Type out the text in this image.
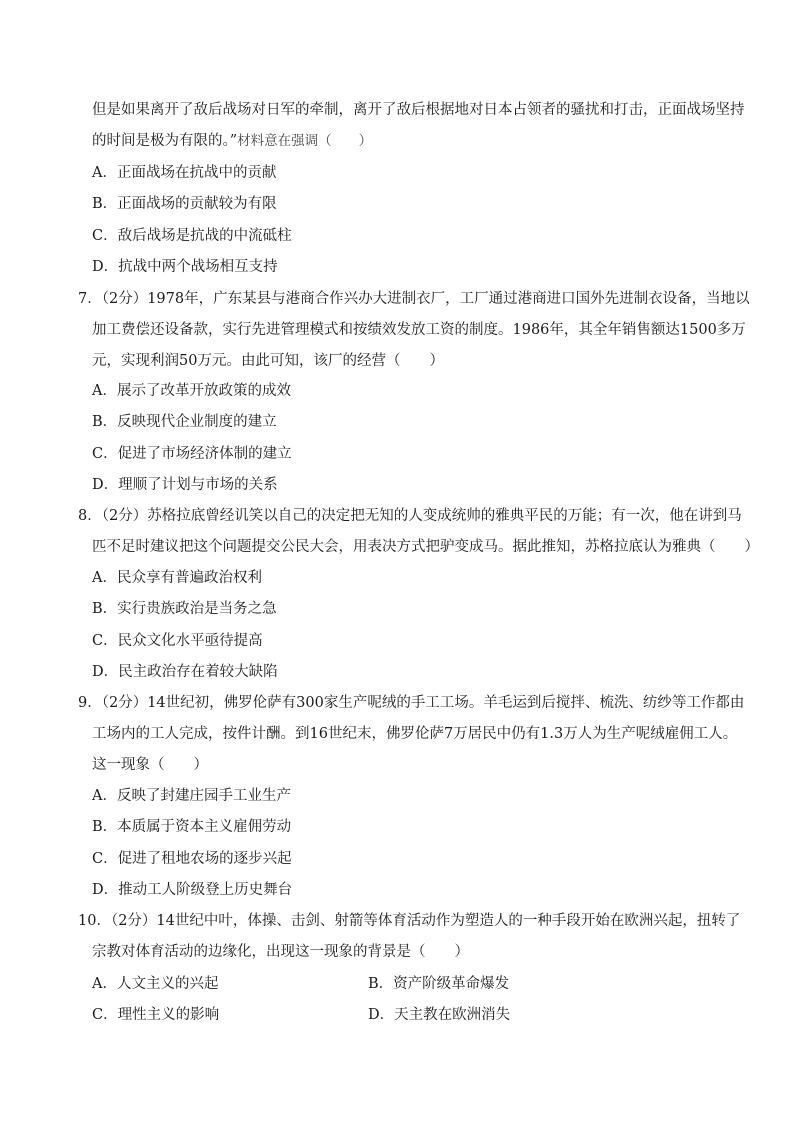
但是如果离开了敌后战场对日军的牵制，离开了敌后根据地对日本占领者的骚扰和打击，正面战场坚持
的时间是极为有限的。”材料意在强调（　　）
A．正面战场在抗战中的贡献
B．正面战场的贡献较为有限
C．敌后战场是抗战的中流砥柱
D．抗战中两个战场相互支持
7．（2分）1978年，广东某县与港商合作兴办大进制衣厂，工厂通过港商进口国外先进制衣设备，当地以
加工费偿还设备款，实行先进管理模式和按绩效发放工资的制度。1986年，其全年销售额达1500多万
元，实现利润50万元。由此可知，该厂的经营（　　）
A．展示了改革开放政策的成效
B．反映现代企业制度的建立
C．促进了市场经济体制的建立
D．理顺了计划与市场的关系
8．（2分）苏格拉底曾经讥笑以自己的决定把无知的人变成统帅的雅典平民的万能；有一次，他在讲到马
匹不足时建议把这个问题提交公民大会，用表决方式把驴变成马。据此推知，苏格拉底认为雅典（　　）
A．民众享有普遍政治权利
B．实行贵族政治是当务之急
C．民众文化水平亟待提高
D．民主政治存在着较大缺陷
9．（2分）14世纪初，佛罗伦萨有300家生产呢绒的手工工场。羊毛运到后搅拌、梳洗、纺纱等工作都由
工场内的工人完成，按件计酬。到16世纪末，佛罗伦萨7万居民中仍有1.3万人为生产呢绒雇佣工人。
这一现象（　　）
A．反映了封建庄园手工业生产
B．本质属于资本主义雇佣劳动
C．促进了租地农场的逐步兴起
D．推动工人阶级登上历史舞台
10．（2分）14世纪中叶，体操、击剑、射箭等体育活动作为塑造人的一种手段开始在欧洲兴起，扭转了
宗教对体育活动的边缘化，出现这一现象的背景是（　　）
A．人文主义的兴起	B．资产阶级革命爆发
C．理性主义的影响	D．天主教在欧洲消失
